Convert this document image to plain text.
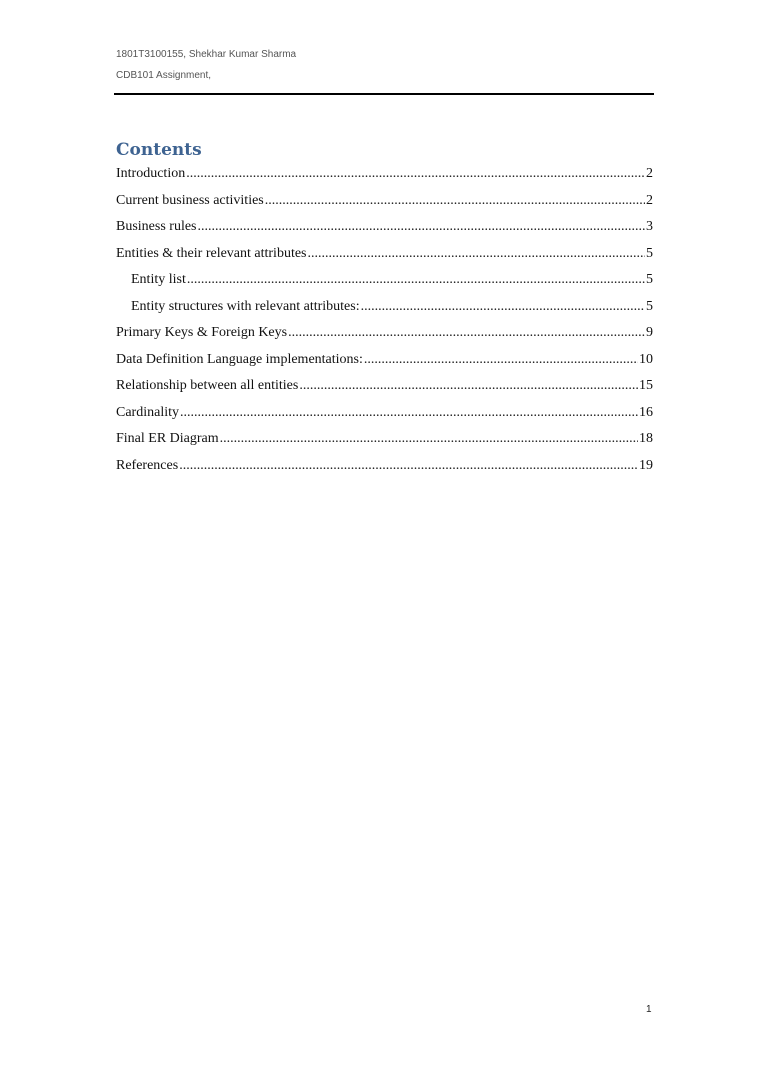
1801T3100155, Shekhar Kumar Sharma
CDB101 Assignment,
Contents
Introduction .....	2
Current business activities .....	2
Business rules .....	3
Entities & their relevant attributes .....	5
Entity list .....	5
Entity structures with relevant attributes: .....	5
Primary Keys & Foreign Keys .....	9
Data Definition Language implementations: .....	10
Relationship between all entities .....	15
Cardinality .....	16
Final ER Diagram .....	18
References .....	19
1
